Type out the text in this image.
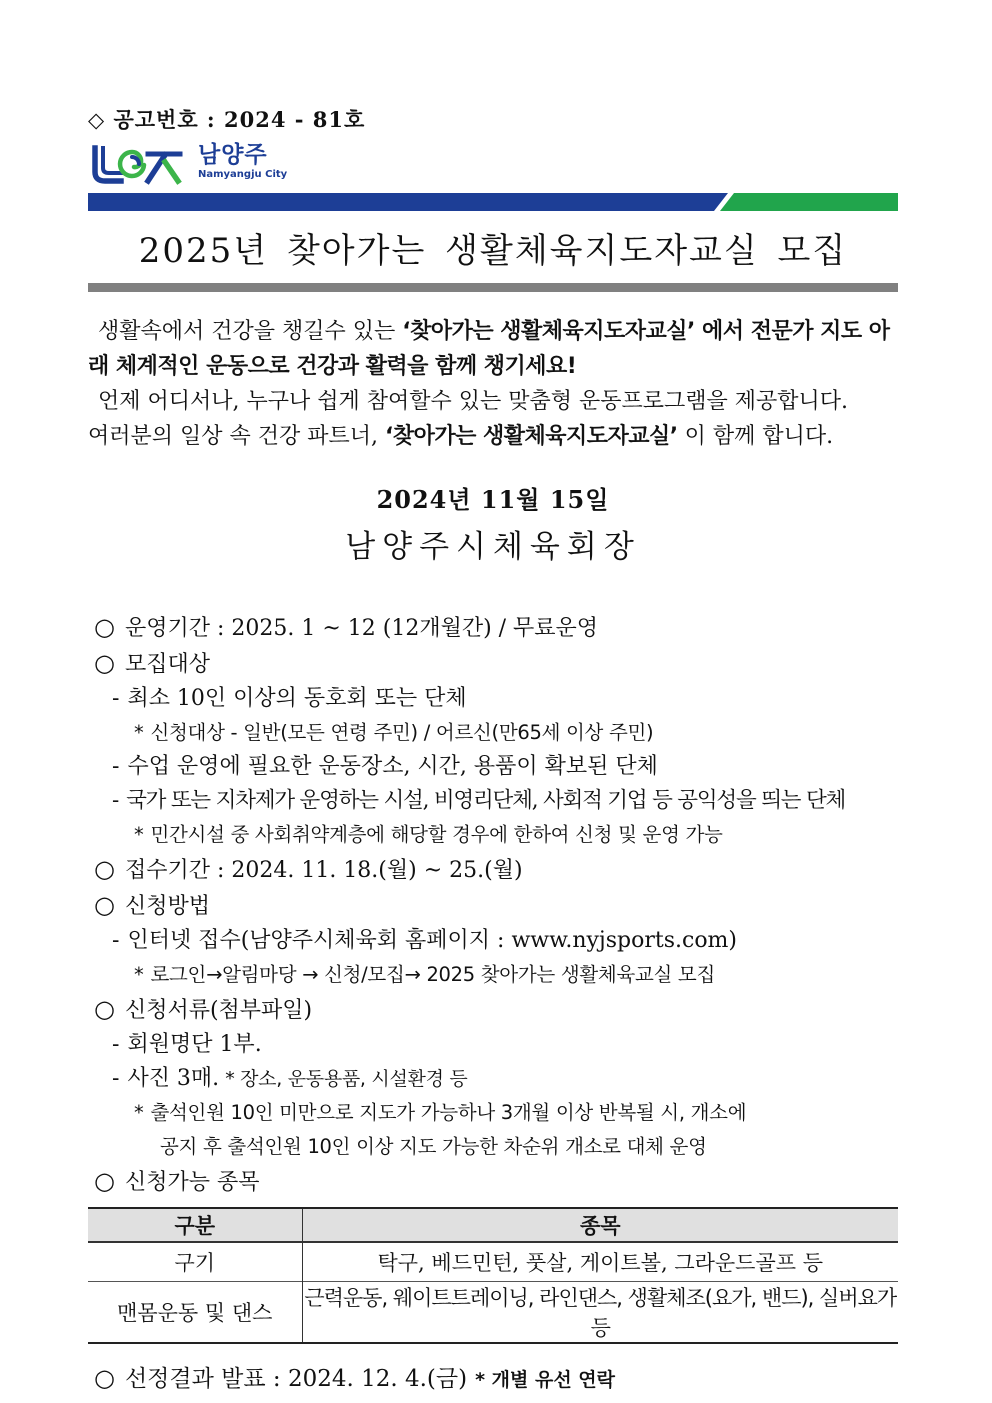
◇ 공고번호 : 2024 - 81호
남양주
Namyangju City
2025년 찾아가는 생활체육지도자교실 모집
생활속에서 건강을 챙길수 있는 ‘찾아가는 생활체육지도자교실’ 에서 전문가 지도 아래 체계적인 운동으로 건강과 활력을 함께 챙기세요!
언제 어디서나, 누구나 쉽게 참여할수 있는 맞춤형 운동프로그램을 제공합니다.
여러분의 일상 속 건강 파트너, ‘찾아가는 생활체육지도자교실’ 이 함께 합니다.
2024년 11월 15일
남양주시체육회장
○ 운영기간 : 2025. 1 ~ 12 (12개월간) / 무료운영
○ 모집대상
- 최소 10인 이상의 동호회 또는 단체
* 신청대상 - 일반(모든 연령 주민) / 어르신(만65세 이상 주민)
- 수업 운영에 필요한 운동장소, 시간, 용품이 확보된 단체
- 국가 또는 지차제가 운영하는 시설, 비영리단체, 사회적 기업 등 공익성을 띄는 단체
* 민간시설 중 사회취약계층에 해당할 경우에 한하여 신청 및 운영 가능
○ 접수기간 : 2024. 11. 18.(월) ~ 25.(월)
○ 신청방법
- 인터넷 접수(남양주시체육회 홈페이지 : www.nyjsports.com)
* 로그인→알림마당 → 신청/모집→ 2025 찾아가는 생활체육교실 모집
○ 신청서류(첨부파일)
- 회원명단 1부.
- 사진 3매. * 장소, 운동용품, 시설환경 등
* 출석인원 10인 미만으로 지도가 가능하나 3개월 이상 반복될 시, 개소에
공지 후 출석인원 10인 이상 지도 가능한 차순위 개소로 대체 운영
○ 신청가능 종목
구분	종목
구기	탁구, 베드민턴, 풋살, 게이트볼, 그라운드골프 등
맨몸운동 및 댄스	근력운동, 웨이트트레이닝, 라인댄스, 생활체조(요가, 밴드), 실버요가 등
○ 선정결과 발표 : 2024. 12. 4.(금) * 개별 유선 연락
